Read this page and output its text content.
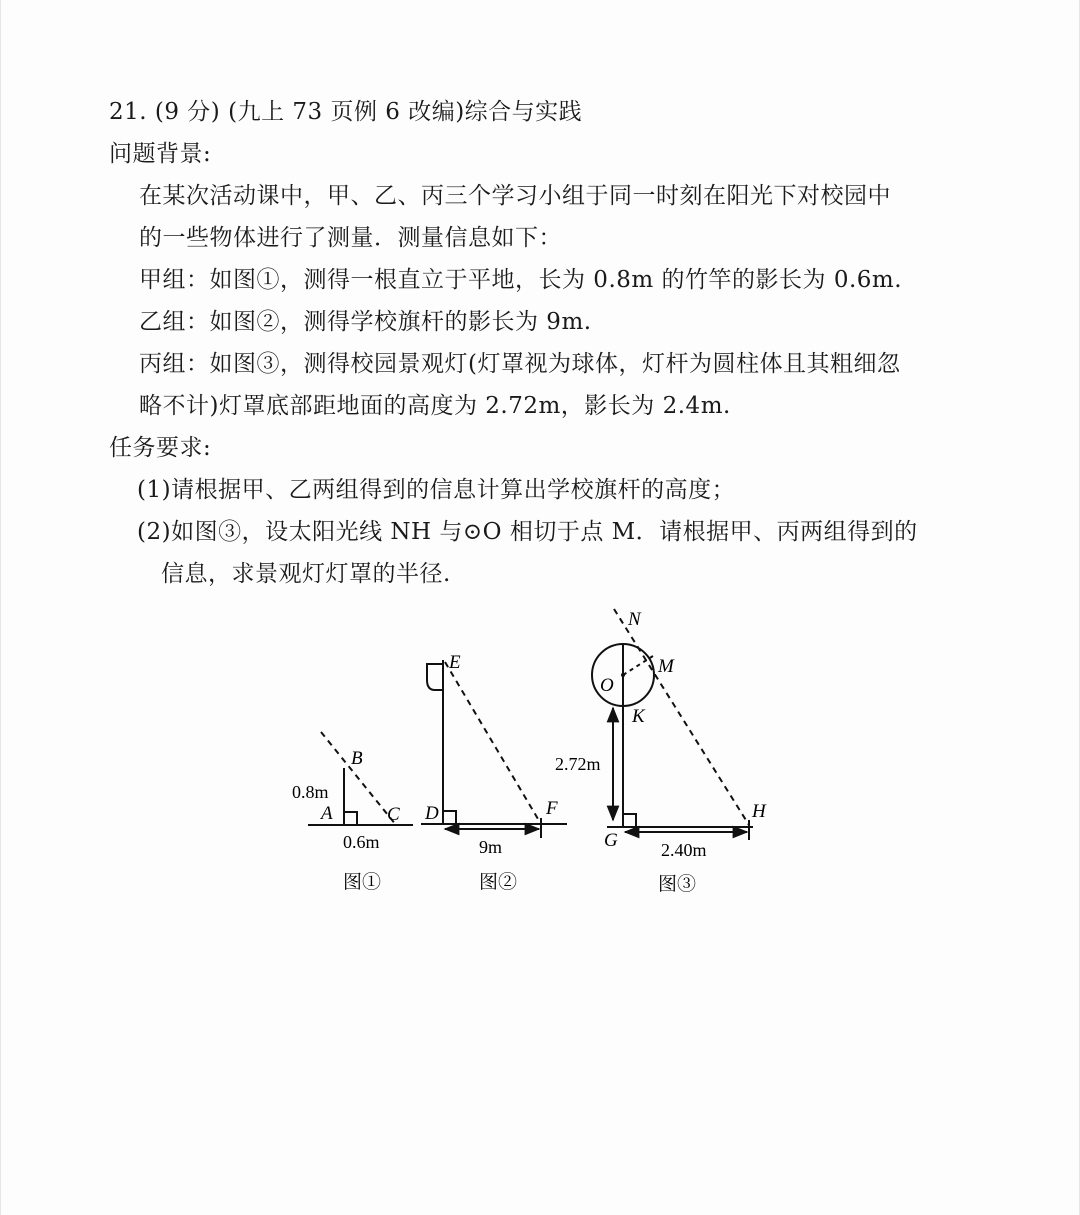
21. (9 分) (九上 73 页例 6 改编)综合与实践
问题背景:
在某次活动课中，甲、乙、丙三个学习小组于同一时刻在阳光下对校园中
的一些物体进行了测量．测量信息如下：
甲组：如图①，测得一根直立于平地，长为 0.8m 的竹竿的影长为 0.6m.
乙组：如图②，测得学校旗杆的影长为 9m.
丙组：如图③，测得校园景观灯(灯罩视为球体，灯杆为圆柱体且其粗细忽
略不计)灯罩底部距地面的高度为 2.72m，影长为 2.4m.
任务要求:
(1)请根据甲、乙两组得到的信息计算出学校旗杆的高度；
(2)如图③，设太阳光线 NH 与⊙O 相切于点 M．请根据甲、丙两组得到的
信息，求景观灯灯罩的半径.
B
A	C
0.8m
0.6m
图①
E
D	F
9m
图②
N
M
O
K
G
H
2.72m
2.40m
图③
